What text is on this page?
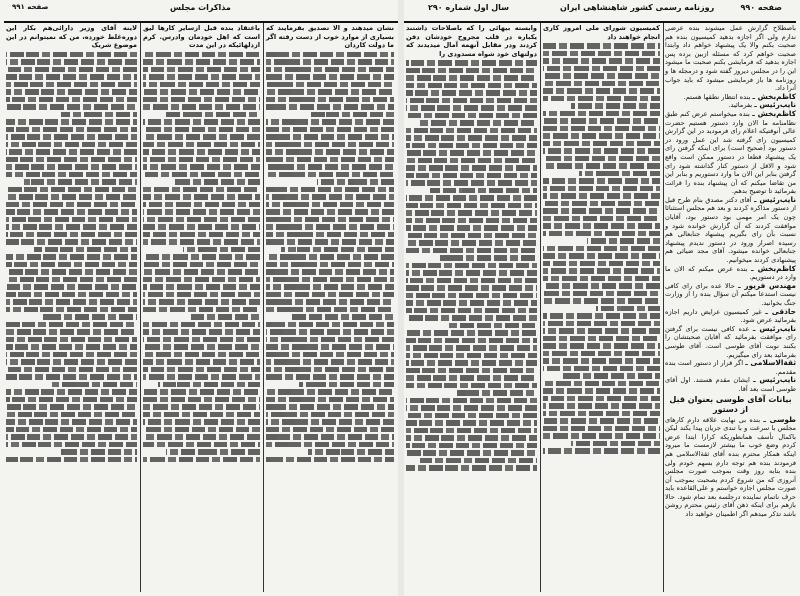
صفحه ۹۹۰
روزنامه رسمی کشور شاهنشاهی ایران
سال اول شماره ۲۹۰
صفحه ۹۹۱	مذاکرات مجلس

باصطلاح گزارش عمل میشوند بنده عرضی ندارم ولی اگر اجازه بدهید کمیسیون بنده هم صحبت بکنم والا یک پیشنهاد خواهم داد وابتدا صحبت خواهم کرد که مسئله ازبین برده پس اجازه بدهید که فرمایشی بکنم صحبت ما میشود این را در مجلس دیروز گفته شود و درمجله ها و روزنامه ها باز فرمایشی میشود که باید جواب آنرا داد.

کاظم‌بخش ـ بنده انتظار نطقها هستم.

نایب‌رئیس ـ بفرمائید.

کاظم‌بخش ـ بنده میخواستم عرض کنم طبق نظامنامه ما الان وارد دستور هستیم حضرت عالی آنوقتیکه اعلام رای فرمودید در این گزارش کمیسیون رای گرفته شد این عمل ورود در دستور بود (صحیح است) برای اینکه گرفتن رای یک پیشنهاد قطعا در دستور ممکن است واقع شود و الاقل از دستور کنار گذاشته شود رای گرفتن بنابر این الان ما وارد دستوریم و بنابر این من تقاضا میکنم که آن پیشنهاد بنده را قرائت بفرمائید تا توضیح بدهم.

نایب‌رئیس ـ آقای دکتر مصدق بنام طرح قبل از دستور مذاکره کردند و بعد هم مجلس استثنائا چون یک امر مهمی بود دستور بود، آقایان موافقت کردند که آن گزارش خوانده شود و نسبت بآن رای بگیریم پیشنهاد جنابعالی هم رسیده اصرار ورود در دستور ندیدم پیشنهاد جنابعالی خوانده میشود. آقای مجد ضیائی هم پیشنهادی کردند میخوانیم.

کاظم‌بخش ـ بنده عرض میکنم که الان ما وارد در دستوریم.

مهندس فریور ـ حالا عده برای رای کافی نیست استدعا میکنم آن سؤال بنده را از وزارت جنگ بخوانید.

حاذقی ـ غیر کمیسیون عرایض داریم اجازه بفرمائید عرض شود.

نایب‌رئیس ـ عده کافی نیست برای گرفتن رای موافقت بفرمائید که آقایان صحبتشان را بکنند نوبت آقای طوسی است. آقای طوسی بفرمائید بعد رای میگیریم.

ثقة‌الاسلامی ـ اگر قرار از دستور است بنده مقدمم.

نایب‌رئیس ـ ایشان مقدم هستند. اول آقای طوسی است بعد آقا.

بیانات آقای طوسی بعنوان قبل از دستور

طوسی ـ بنده بی نهایت علاقه دارم کارهای مجلس با سرعت و با تندی جریان پیدا بکند لیکن باکمال تأسف همانطوریکه کرارا ابتدا عرض کردم وضع خوب ما بیشتر لازمست ما میرود اینکه همکار محترم بنده آقای ثقة‌الاسلامی هم فرمودند بنده هم توجه دارم بسهم خودم ولی بنده بنابه روز وقت بموجب صورت مجلس آنروزی که من شروع کردم بصحبت بموجب آن صورت مجلس اجازه خواستم و علی‌القاعده باید حرف ناتمام نماینده درجلسه بعد تمام شود. حالا بازهم برای اینکه ذهن آقای رئیس محترم روشن باشد تذکر میدهم اگر اطمینان خواهید داد

کمیسیون شورای ملی امروز کاری انجام خواهند داد

وابسته بیهائی را که باصلاحات داشتند یکباره در قلب مجروح خودشان دفن کردند ودر مقابل آنهمه آمال میدیدند که دولتهای خود شواه مسدودی را

نشان میدهند و الا تصدیق بفرمایند که بسیاری از موارد خوب از دست رفته اگر ما دولت کاردان

باعتقاد بنده قبل ازسایر کارها لیق است که اهل خودمان وادرس. کرم ازدلهائیکه در این مدت

لاینه آقای وزیر دارائی‌هم بکار این دوره‌غلط خورده، من که نمیتوانم در این موضوع شریک
